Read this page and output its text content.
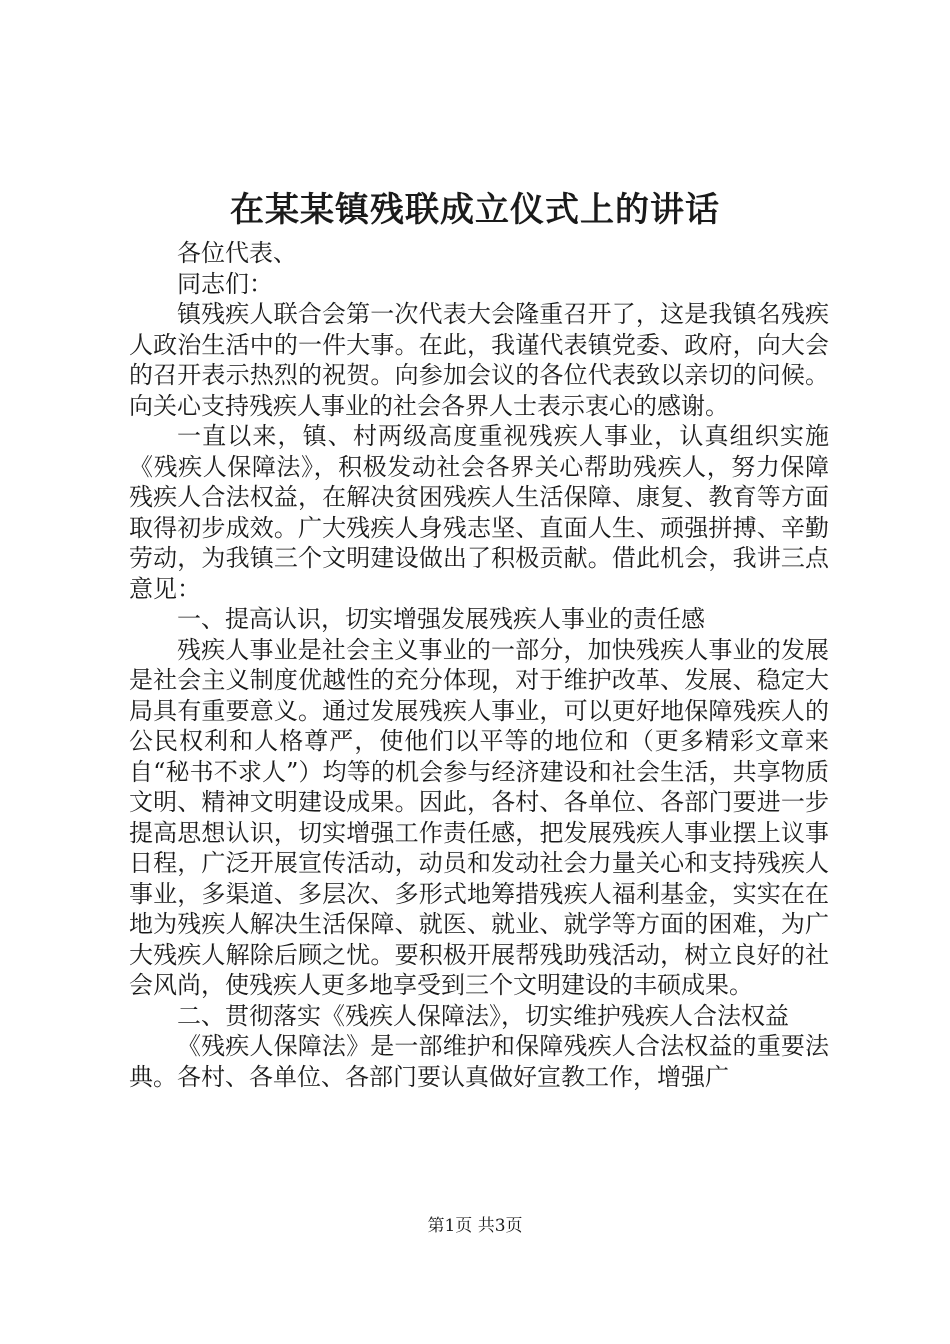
在某某镇残联成立仪式上的讲话

各位代表、

同志们：

镇残疾人联合会第一次代表大会隆重召开了，这是我镇名残疾人政治生活中的一件大事。在此，我谨代表镇党委、政府，向大会的召开表示热烈的祝贺。向参加会议的各位代表致以亲切的问候。向关心支持残疾人事业的社会各界人士表示衷心的感谢。

一直以来，镇、村两级高度重视残疾人事业，认真组织实施《残疾人保障法》，积极发动社会各界关心帮助残疾人，努力保障残疾人合法权益，在解决贫困残疾人生活保障、康复、教育等方面取得初步成效。广大残疾人身残志坚、直面人生、顽强拼搏、辛勤劳动，为我镇三个文明建设做出了积极贡献。借此机会，我讲三点意见：

一、提高认识，切实增强发展残疾人事业的责任感

残疾人事业是社会主义事业的一部分，加快残疾人事业的发展是社会主义制度优越性的充分体现，对于维护改革、发展、稳定大局具有重要意义。通过发展残疾人事业，可以更好地保障残疾人的公民权利和人格尊严，使他们以平等的地位和（更多精彩文章来自“秘书不求人”）均等的机会参与经济建设和社会生活，共享物质文明、精神文明建设成果。因此，各村、各单位、各部门要进一步提高思想认识，切实增强工作责任感，把发展残疾人事业摆上议事日程，广泛开展宣传活动，动员和发动社会力量关心和支持残疾人事业，多渠道、多层次、多形式地筹措残疾人福利基金，实实在在地为残疾人解决生活保障、就医、就业、就学等方面的困难，为广大残疾人解除后顾之忧。要积极开展帮残助残活动，树立良好的社会风尚，使残疾人更多地享受到三个文明建设的丰硕成果。

二、贯彻落实《残疾人保障法》，切实维护残疾人合法权益

《残疾人保障法》是一部维护和保障残疾人合法权益的重要法典。各村、各单位、各部门要认真做好宣教工作，增强广

第1页 共3页
